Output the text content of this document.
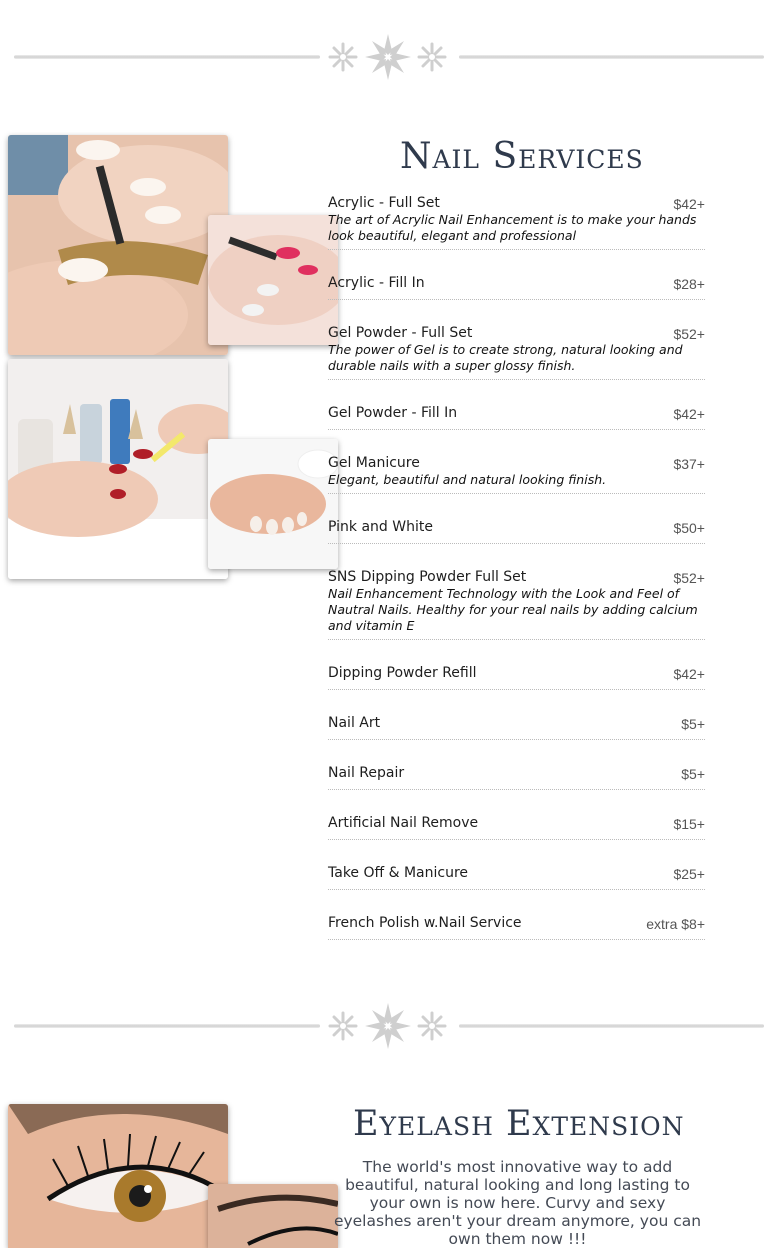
Nail Services
Acrylic - Full Set	$42+
The art of Acrylic Nail Enhancement is to make your hands look beautiful, elegant and professional
Acrylic - Fill In	$28+
Gel Powder - Full Set	$52+
The power of Gel is to create strong, natural looking and durable nails with a super glossy finish.
Gel Powder - Fill In	$42+
Gel Manicure	$37+
Elegant, beautiful and natural looking finish.
Pink and White	$50+
SNS Dipping Powder Full Set	$52+
Nail Enhancement Technology with the Look and Feel of Nautral Nails. Healthy for your real nails by adding calcium and vitamin E
Dipping Powder Refill	$42+
Nail Art	$5+
Nail Repair	$5+
Artificial Nail Remove	$15+
Take Off & Manicure	$25+
French Polish w.Nail Service	extra $8+
Eyelash Extension

The world's most innovative way to add beautiful, natural looking and long lasting to your own is now here. Curvy and sexy eyelashes aren't your dream anymore, you can own them now !!!
